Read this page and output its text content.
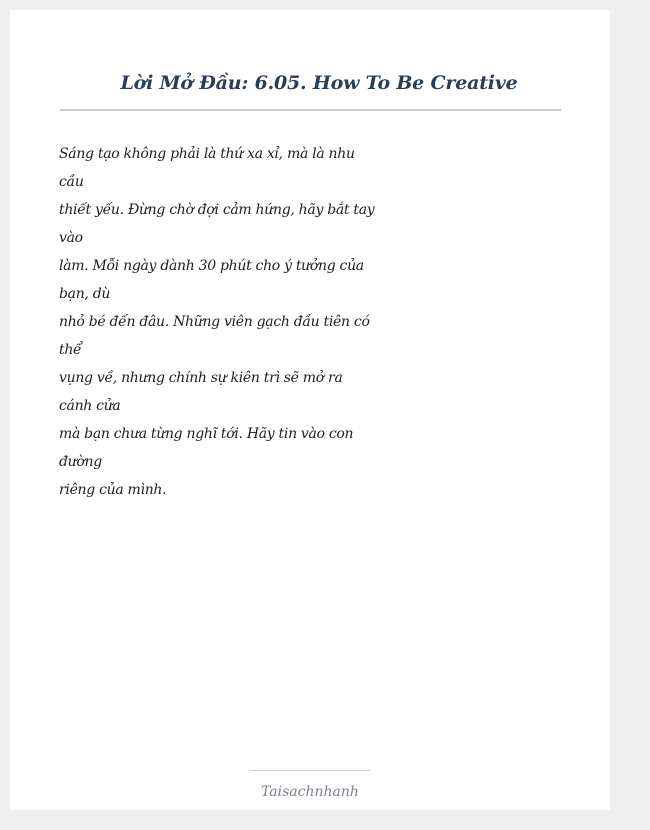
Lời Mở Đầu: 6.05. How To Be Creative
Sáng tạo không phải là thứ xa xỉ, mà là nhu
cầu
thiết yếu. Đừng chờ đợi cảm hứng, hãy bắt tay
vào
làm. Mỗi ngày dành 30 phút cho ý tưởng của
bạn, dù
nhỏ bé đến đâu. Những viên gạch đầu tiên có
thể
vụng về, nhưng chính sự kiên trì sẽ mở ra
cánh cửa
mà bạn chưa từng nghĩ tới. Hãy tin vào con
đường
riêng của mình.
Taisachnhanh
